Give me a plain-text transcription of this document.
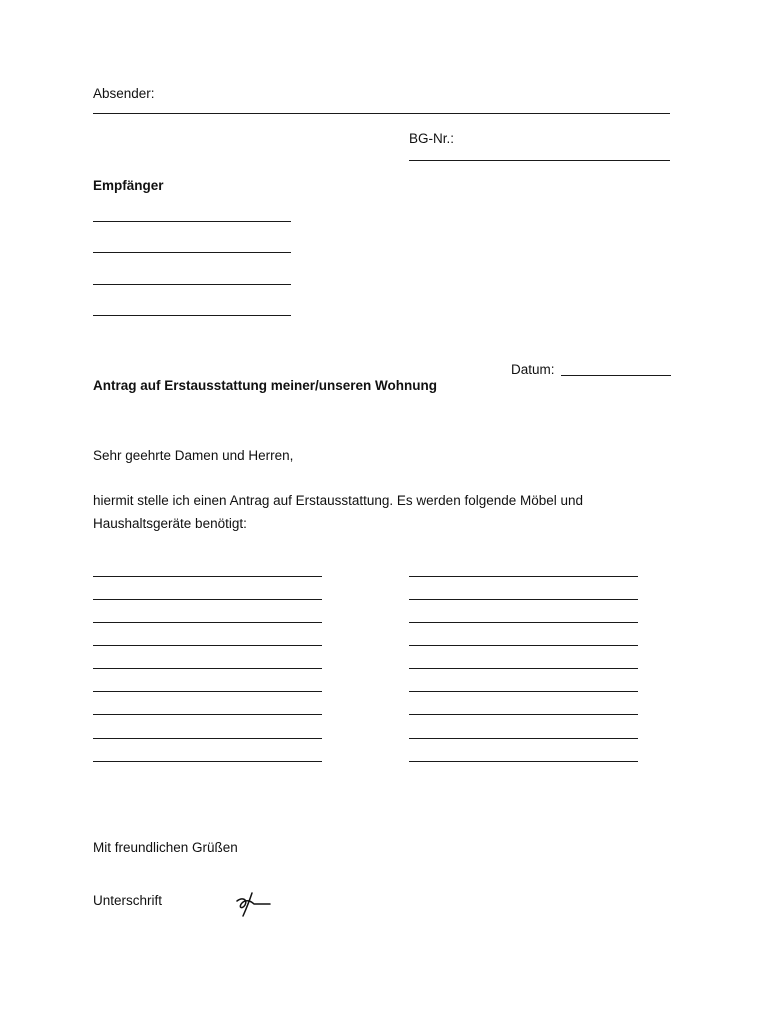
Absender:
BG-Nr.:
Empfänger
Datum:
Antrag auf Erstausstattung meiner/unseren Wohnung
Sehr geehrte Damen und Herren,
hiermit stelle ich einen Antrag auf Erstausstattung. Es werden folgende Möbel und
Haushaltsgeräte benötigt:
Mit freundlichen Grüßen
Unterschrift
